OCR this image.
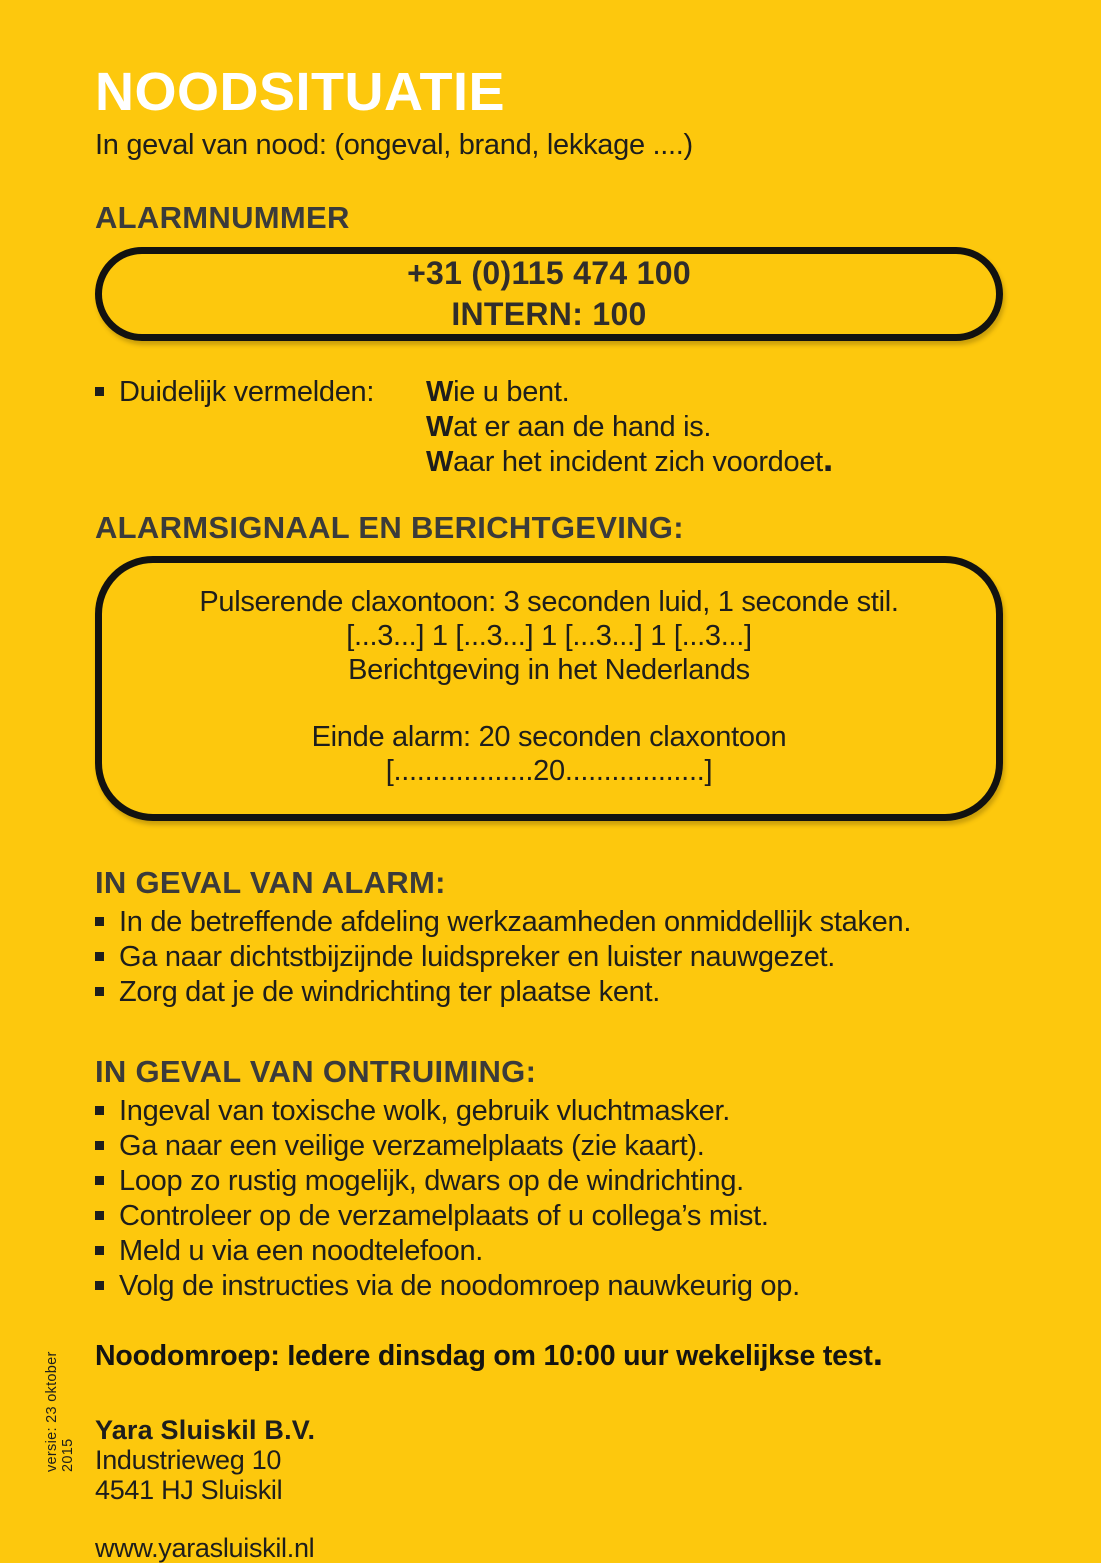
NOODSITUATIE
In geval van nood: (ongeval, brand, lekkage ....)
ALARMNUMMER
+31 (0)115 474 100
INTERN: 100
Duidelijk vermelden:	Wie u bent.
Wat er aan de hand is.
Waar het incident zich voordoet.
ALARMSIGNAAL EN BERICHTGEVING:
Pulserende claxontoon: 3 seconden luid, 1 seconde stil.
[...3...] 1 [...3...] 1 [...3...] 1 [...3...]
Berichtgeving in het Nederlands
Einde alarm: 20 seconden claxontoon
[..................20..................]
IN GEVAL VAN ALARM:
In de betreffende afdeling werkzaamheden onmiddellijk staken.
Ga naar dichtstbijzijnde luidspreker en luister nauwgezet.
Zorg dat je de windrichting ter plaatse kent.
IN GEVAL VAN ONTRUIMING:
Ingeval van toxische wolk, gebruik vluchtmasker.
Ga naar een veilige verzamelplaats (zie kaart).
Loop zo rustig mogelijk, dwars op de windrichting.
Controleer op de verzamelplaats of u collega’s mist.
Meld u via een noodtelefoon.
Volg de instructies via de noodomroep nauwkeurig op.
Noodomroep: Iedere dinsdag om 10:00 uur wekelijkse test.
Yara Sluiskil B.V.
Industrieweg 10
4541 HJ Sluiskil
www.yarasluiskil.nl
versie: 23 oktober 2015
